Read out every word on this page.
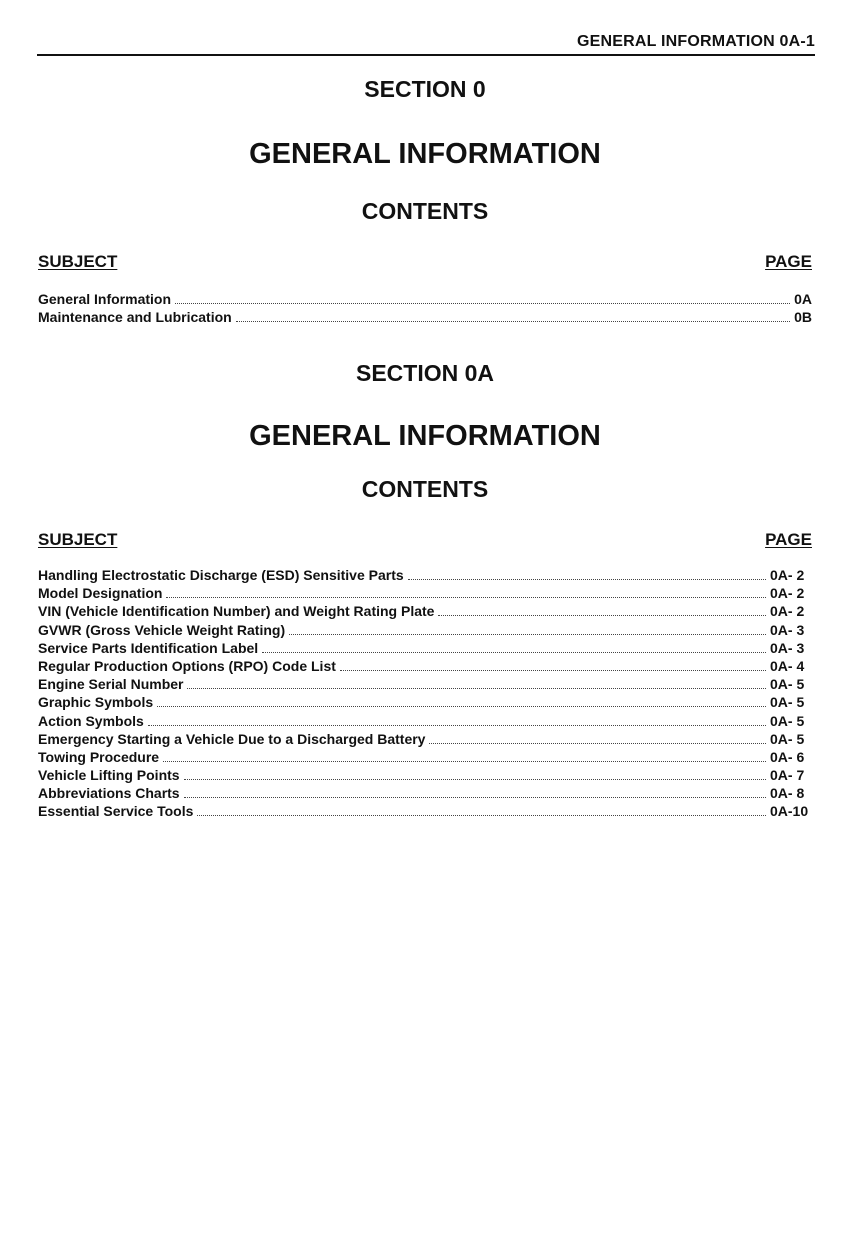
GENERAL INFORMATION 0A-1
SECTION 0
GENERAL INFORMATION
CONTENTS
SUBJECT	PAGE
General Information	0A
Maintenance and Lubrication	0B
SECTION 0A
GENERAL INFORMATION
CONTENTS
SUBJECT	PAGE
Handling Electrostatic Discharge (ESD) Sensitive Parts	0A- 2
Model Designation	0A- 2
VIN (Vehicle Identification Number) and Weight Rating Plate	0A- 2
GVWR (Gross Vehicle Weight Rating)	0A- 3
Service Parts Identification Label	0A- 3
Regular Production Options (RPO) Code List	0A- 4
Engine Serial Number	0A- 5
Graphic Symbols	0A- 5
Action Symbols	0A- 5
Emergency Starting a Vehicle Due to a Discharged Battery	0A- 5
Towing Procedure	0A- 6
Vehicle Lifting Points	0A- 7
Abbreviations Charts	0A- 8
Essential Service Tools	0A-10
